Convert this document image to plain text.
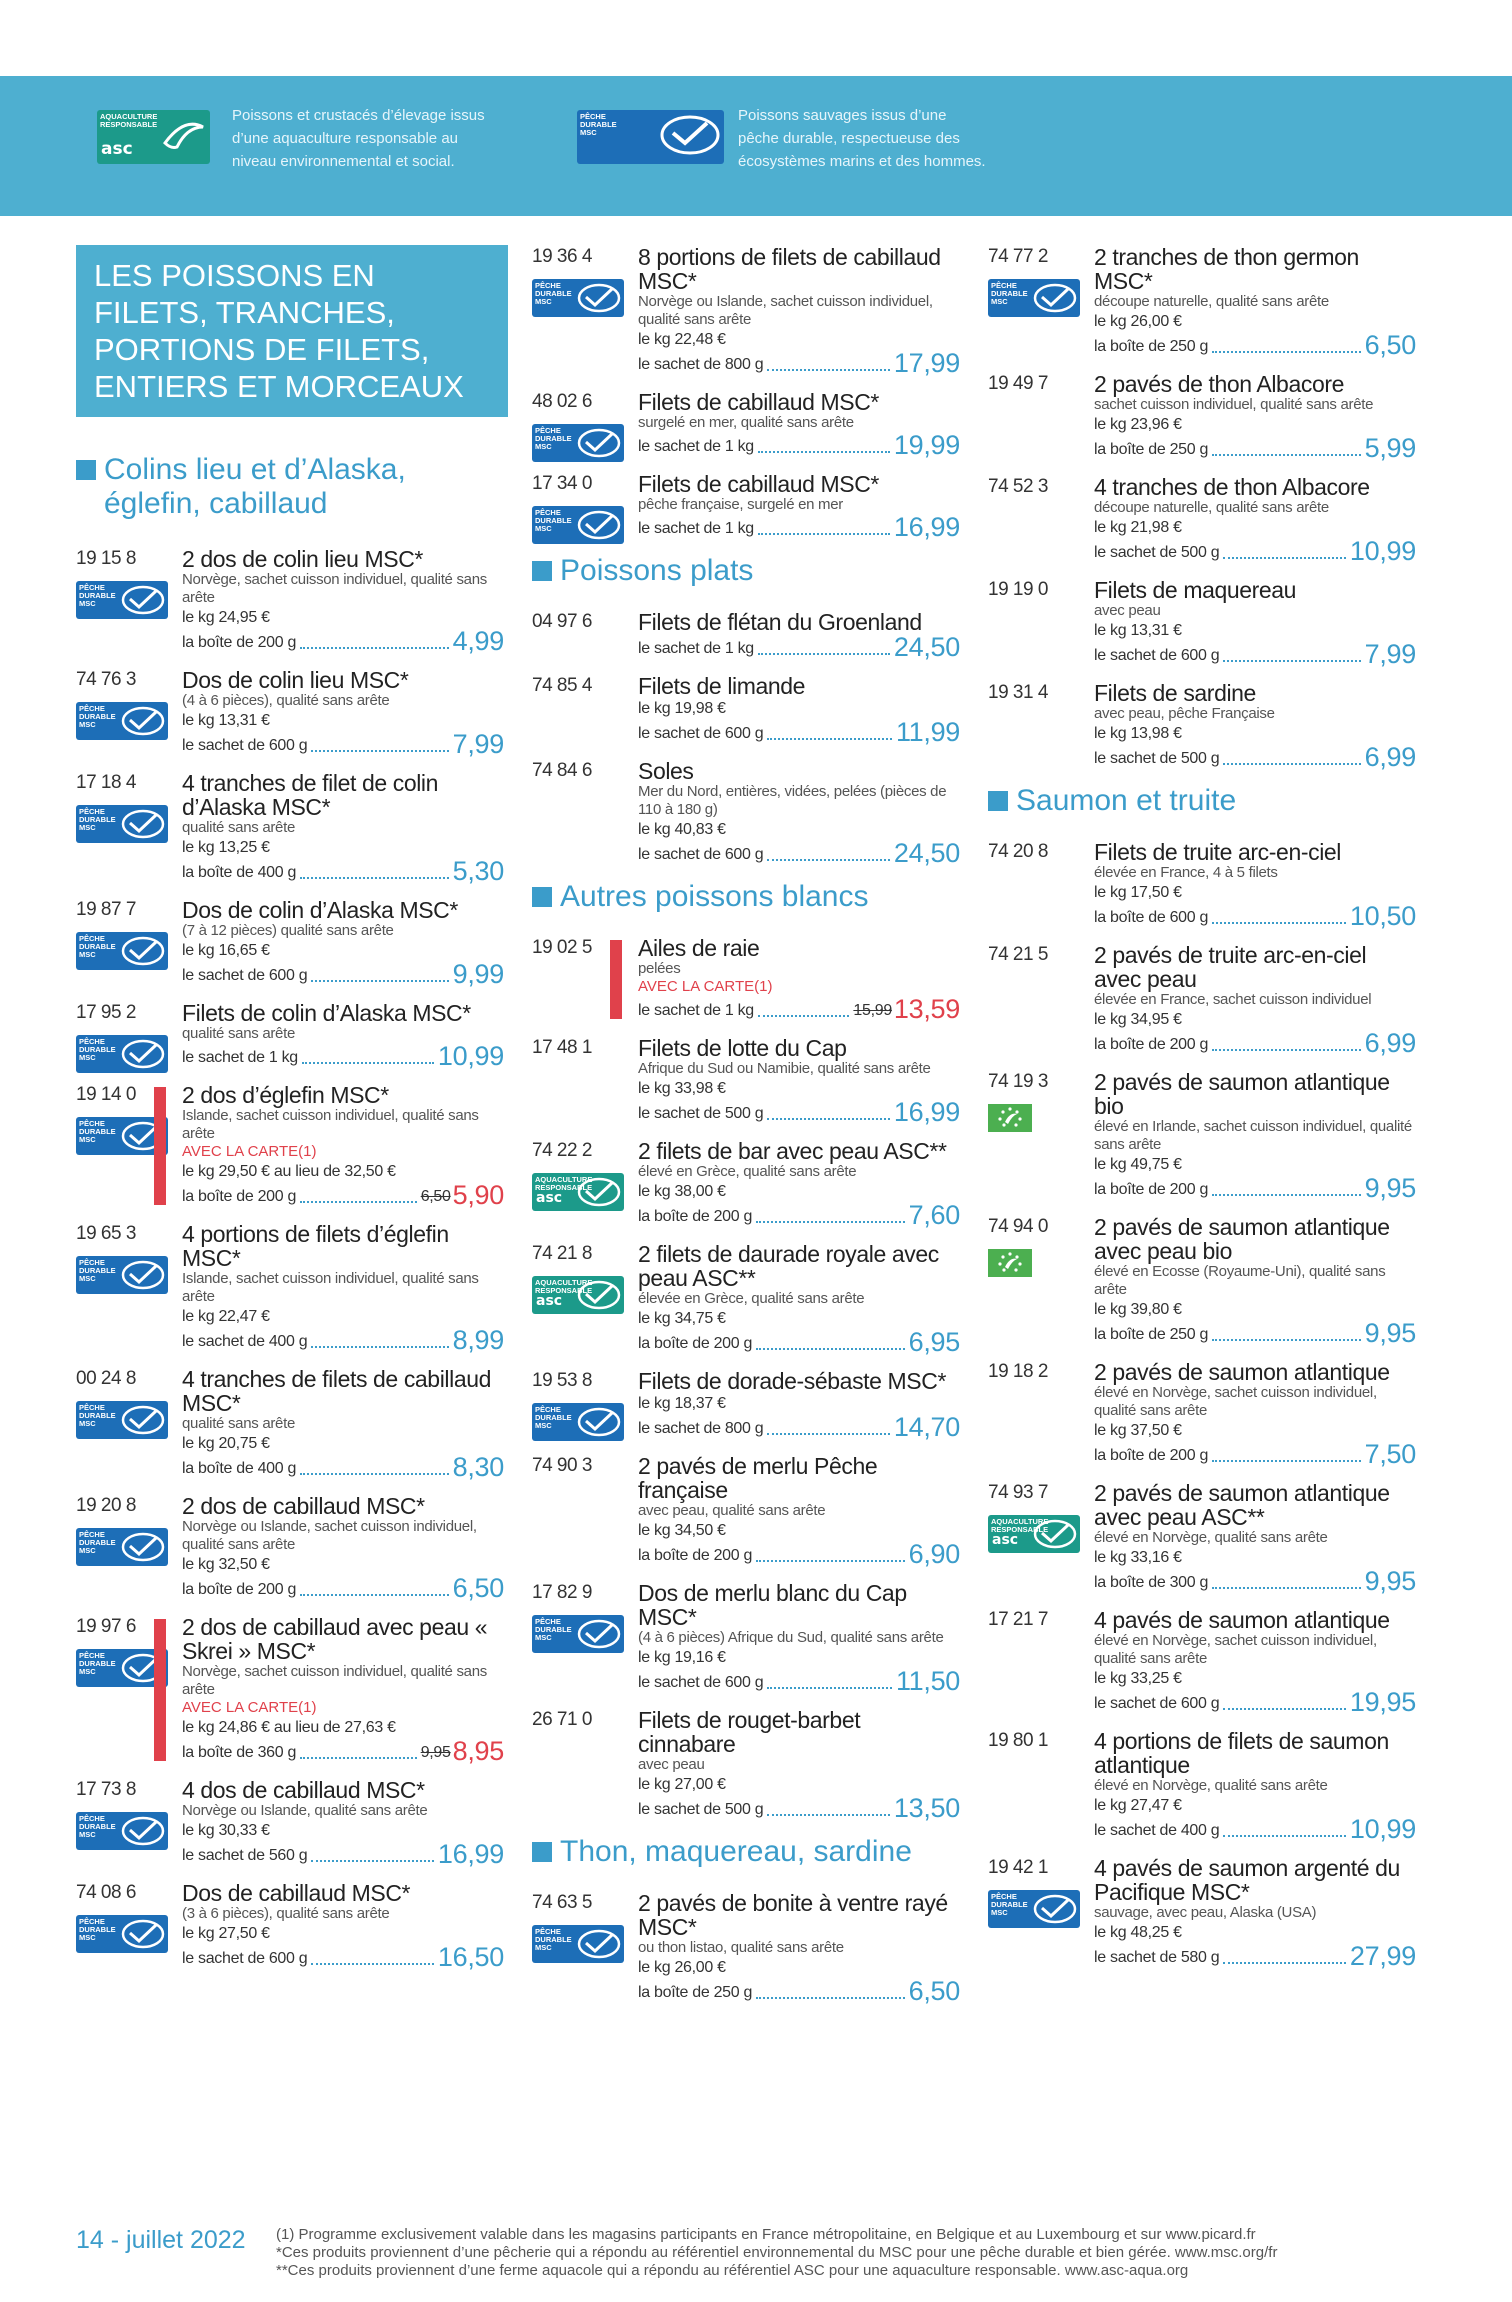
AQUACULTURE RESPONSABLE
asc
Poissons et crustacés d’élevage issus d’une aquaculture responsable au niveau environnemental et social.
PÊCHE DURABLE MSC
Poissons sauvages issus d’une pêche durable, respectueuse des écosystèmes marins et des hommes.
LES POISSONS EN FILETS, TRANCHES, PORTIONS DE FILETS, ENTIERS ET MORCEAUX
Colins lieu et d’Alaska, églefin, cabillaud
19 15 8
PÊCHE DURABLE MSC
2 dos de colin lieu MSC*
Norvège, sachet cuisson individuel, qualité sans arête
le kg 24,95 €
la boîte de 200 g	4,99
74 76 3
PÊCHE DURABLE MSC
Dos de colin lieu MSC*
(4 à 6 pièces), qualité sans arête
le kg 13,31 €
le sachet de 600 g	7,99
17 18 4
PÊCHE DURABLE MSC
4 tranches de filet de colin d’Alaska MSC*
qualité sans arête
le kg 13,25 €
la boîte de 400 g	5,30
19 87 7
PÊCHE DURABLE MSC
Dos de colin d’Alaska MSC*
(7 à 12 pièces) qualité sans arête
le kg 16,65 €
le sachet de 600 g	9,99
17 95 2
PÊCHE DURABLE MSC
Filets de colin d’Alaska MSC*
qualité sans arête
le sachet de 1 kg	10,99
19 14 0
PÊCHE DURABLE MSC
2 dos d’églefin MSC*
Islande, sachet cuisson individuel, qualité sans arête
AVEC LA CARTE(1)
le kg 29,50 € au lieu de 32,50 €
la boîte de 200 g	6,50 5,90
19 65 3
PÊCHE DURABLE MSC
4 portions de filets d’églefin MSC*
Islande, sachet cuisson individuel, qualité sans arête
le kg 22,47 €
le sachet de 400 g	8,99
00 24 8
PÊCHE DURABLE MSC
4 tranches de filets de cabillaud MSC*
qualité sans arête
le kg 20,75 €
la boîte de 400 g	8,30
19 20 8
PÊCHE DURABLE MSC
2 dos de cabillaud MSC*
Norvège ou Islande, sachet cuisson individuel, qualité sans arête
le kg 32,50 €
la boîte de 200 g	6,50
19 97 6
PÊCHE DURABLE MSC
2 dos de cabillaud avec peau « Skrei » MSC*
Norvège, sachet cuisson individuel, qualité sans arête
AVEC LA CARTE(1)
le kg 24,86 € au lieu de 27,63 €
la boîte de 360 g	9,95 8,95
17 73 8
PÊCHE DURABLE MSC
4 dos de cabillaud MSC*
Norvège ou Islande, qualité sans arête
le kg 30,33 €
le sachet de 560 g	16,99
74 08 6
PÊCHE DURABLE MSC
Dos de cabillaud MSC*
(3 à 6 pièces), qualité sans arête
le kg 27,50 €
le sachet de 600 g	16,50
19 36 4
PÊCHE DURABLE MSC
8 portions de filets de cabillaud MSC*
Norvège ou Islande, sachet cuisson individuel, qualité sans arête
le kg 22,48 €
le sachet de 800 g	17,99
48 02 6
PÊCHE DURABLE MSC
Filets de cabillaud MSC*
surgelé en mer, qualité sans arête
le sachet de 1 kg	19,99
17 34 0
PÊCHE DURABLE MSC
Filets de cabillaud MSC*
pêche française, surgelé en mer
le sachet de 1 kg	16,99
Poissons plats
04 97 6 Filets de flétan du Groenland
le sachet de 1 kg	24,50
74 85 4 Filets de limande
le kg 19,98 €
le sachet de 600 g	11,99
74 84 6 Soles
Mer du Nord, entières, vidées, pelées (pièces de 110 à 180 g)
le kg 40,83 €
le sachet de 600 g	24,50
Autres poissons blancs
19 02 5 Ailes de raie
pelées
AVEC LA CARTE(1)
le sachet de 1 kg	15,99 13,59
17 48 1 Filets de lotte du Cap
Afrique du Sud ou Namibie, qualité sans arête
le kg 33,98 €
le sachet de 500 g	16,99
74 22 2
AQUACULTURE RESPONSABLE
asc
2 filets de bar avec peau ASC**
élevé en Grèce, qualité sans arête
le kg 38,00 €
la boîte de 200 g	7,60
74 21 8
AQUACULTURE RESPONSABLE
asc
2 filets de daurade royale avec peau ASC**
élevée en Grèce, qualité sans arête
le kg 34,75 €
la boîte de 200 g	6,95
19 53 8
PÊCHE DURABLE MSC
Filets de dorade-sébaste MSC*
le kg 18,37 €
le sachet de 800 g	14,70
74 90 3 2 pavés de merlu Pêche française
avec peau, qualité sans arête
le kg 34,50 €
la boîte de 200 g	6,90
17 82 9
PÊCHE DURABLE MSC
Dos de merlu blanc du Cap MSC*
(4 à 6 pièces) Afrique du Sud, qualité sans arête
le kg 19,16 €
le sachet de 600 g	11,50
26 71 0 Filets de rouget-barbet cinnabare
avec peau
le kg 27,00 €
le sachet de 500 g	13,50
Thon, maquereau, sardine
74 63 5
PÊCHE DURABLE MSC
2 pavés de bonite à ventre rayé MSC*
ou thon listao, qualité sans arête
le kg 26,00 €
la boîte de 250 g	6,50
74 77 2
PÊCHE DURABLE MSC
2 tranches de thon germon MSC*
découpe naturelle, qualité sans arête
le kg 26,00 €
la boîte de 250 g	6,50
19 49 7 2 pavés de thon Albacore
sachet cuisson individuel, qualité sans arête
le kg 23,96 €
la boîte de 250 g	5,99
74 52 3 4 tranches de thon Albacore
découpe naturelle, qualité sans arête
le kg 21,98 €
le sachet de 500 g	10,99
19 19 0 Filets de maquereau
avec peau
le kg 13,31 €
le sachet de 600 g	7,99
19 31 4 Filets de sardine
avec peau, pêche Française
le kg 13,98 €
le sachet de 500 g	6,99
Saumon et truite
74 20 8 Filets de truite arc-en-ciel
élevée en France, 4 à 5 filets
le kg 17,50 €
la boîte de 600 g	10,50
74 21 5 2 pavés de truite arc-en-ciel avec peau
élevée en France, sachet cuisson individuel
le kg 34,95 €
la boîte de 200 g	6,99
74 19 3 2 pavés de saumon atlantique bio
élevé en Irlande, sachet cuisson individuel, qualité sans arête
le kg 49,75 €
la boîte de 200 g	9,95
74 94 0 2 pavés de saumon atlantique avec peau bio
élevé en Ecosse (Royaume-Uni), qualité sans arête
le kg 39,80 €
la boîte de 250 g	9,95
19 18 2 2 pavés de saumon atlantique
élevé en Norvège, sachet cuisson individuel, qualité sans arête
le kg 37,50 €
la boîte de 200 g	7,50
74 93 7
AQUACULTURE RESPONSABLE
asc
2 pavés de saumon atlantique avec peau ASC**
élevé en Norvège, qualité sans arête
le kg 33,16 €
la boîte de 300 g	9,95
17 21 7 4 pavés de saumon atlantique
élevé en Norvège, sachet cuisson individuel, qualité sans arête
le kg 33,25 €
le sachet de 600 g	19,95
19 80 1 4 portions de filets de saumon atlantique
élevé en Norvège, qualité sans arête
le kg 27,47 €
le sachet de 400 g	10,99
19 42 1
PÊCHE DURABLE MSC
4 pavés de saumon argenté du Pacifique MSC*
sauvage, avec peau, Alaska (USA)
le kg 48,25 €
le sachet de 580 g	27,99
14 - juillet 2022 (1) Programme exclusivement valable dans les magasins participants en France métropolitaine, en Belgique et au Luxembourg et sur www.picard.fr
*Ces produits proviennent d’une pêcherie qui a répondu au référentiel environnemental du MSC pour une pêche durable et bien gérée. www.msc.org/fr
**Ces produits proviennent d’une ferme aquacole qui a répondu au référentiel ASC pour une aquaculture responsable. www.asc-aqua.org
